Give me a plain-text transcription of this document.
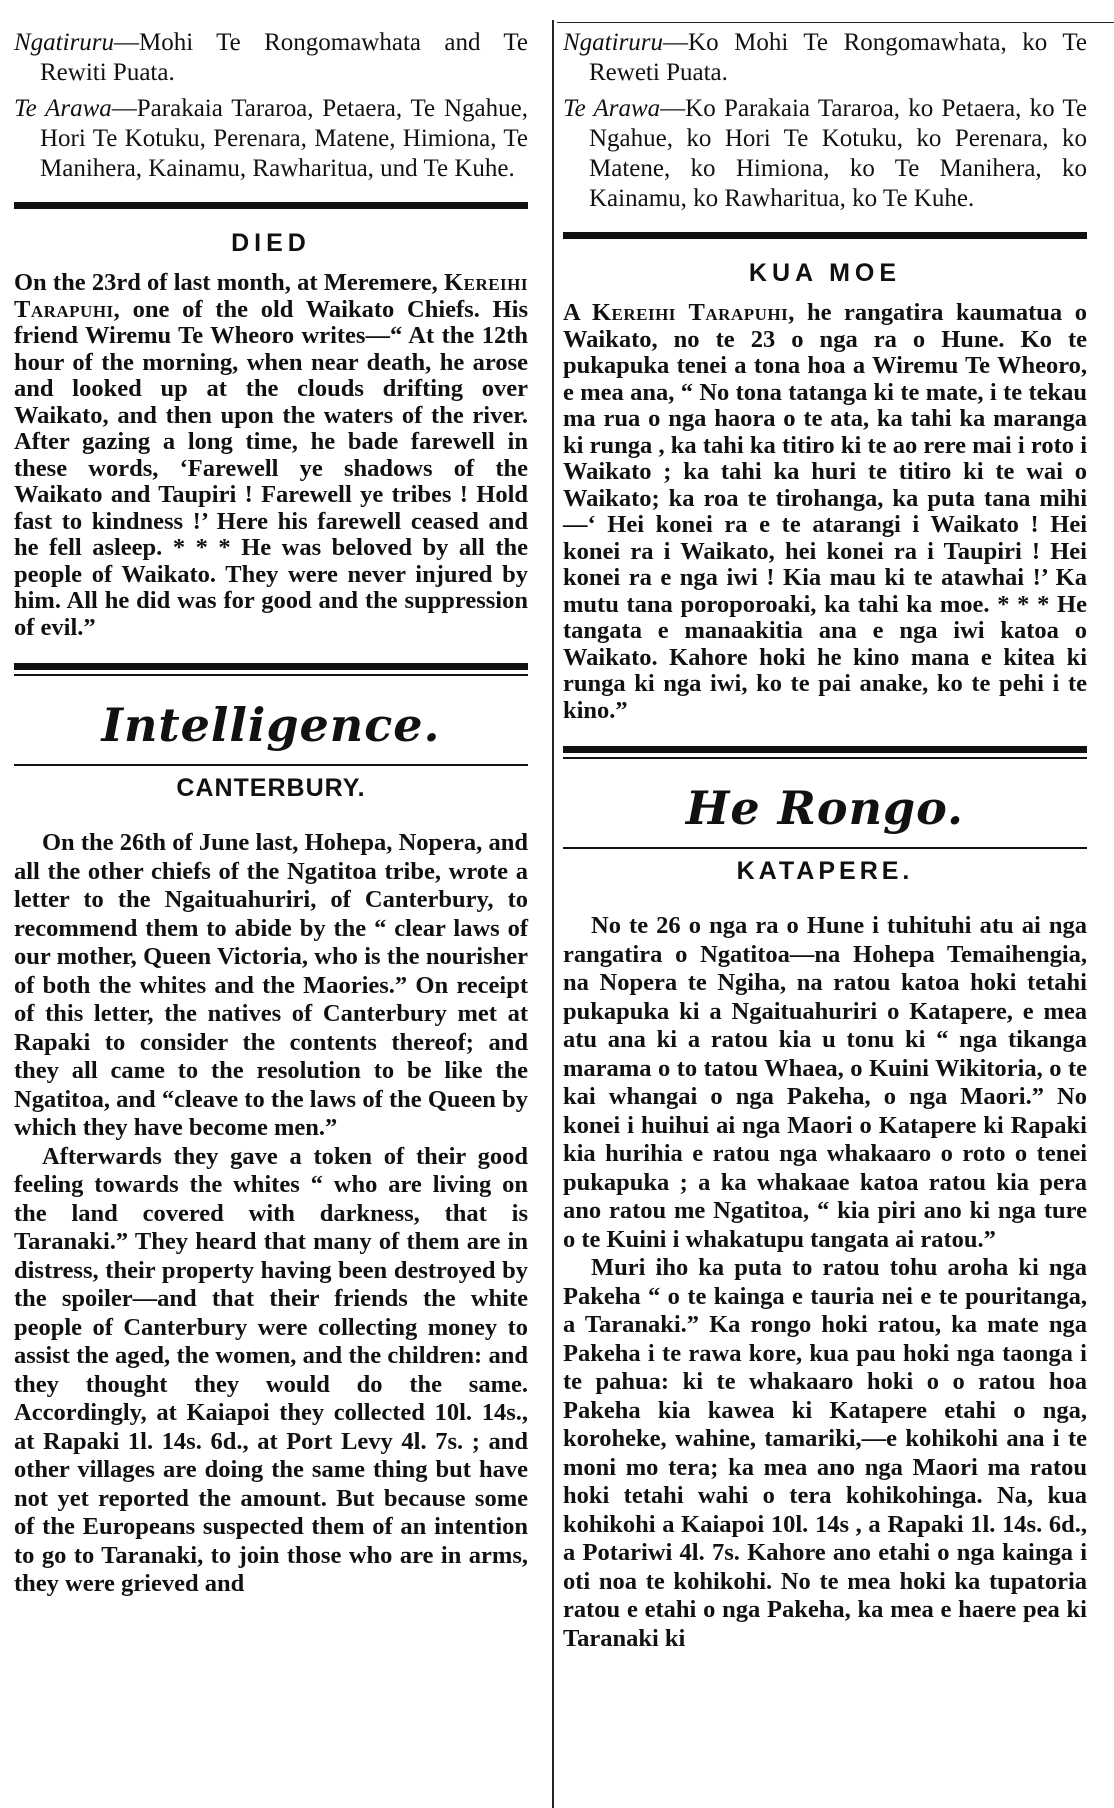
Ngatiruru—Mohi Te Rongomawhata and Te Rewiti Puata.

Te Arawa—Parakaia Tararoa, Petaera, Te Ngahue, Hori Te Kotuku, Perenara, Matene, Himiona, Te Manihera, Kainamu, Rawharitua, und Te Kuhe.

DIED

On the 23rd of last month, at Meremere, Kereihi Tarapuhi, one of the old Waikato Chiefs. His friend Wiremu Te Wheoro writes—“ At the 12th hour of the morning, when near death, he arose and looked up at the clouds drifting over Waikato, and then upon the waters of the river. After gazing a long time, he bade farewell in these words, ‘Farewell ye shadows of the Waikato and Taupiri ! Farewell ye tribes ! Hold fast to kindness !’ Here his farewell ceased and he fell asleep. * * * He was beloved by all the people of Waikato. They were never injured by him. All he did was for good and the suppression of evil.”

Intelligence.
CANTERBURY.

On the 26th of June last, Hohepa, Nopera, and all the other chiefs of the Ngatitoa tribe, wrote a letter to the Ngaituahuriri, of Canterbury, to recommend them to abide by the “ clear laws of our mother, Queen Victoria, who is the nourisher of both the whites and the Maories.” On receipt of this letter, the natives of Canterbury met at Rapaki to consider the contents thereof; and they all came to the resolution to be like the Ngatitoa, and “cleave to the laws of the Queen by which they have become men.”

Afterwards they gave a token of their good feeling towards the whites “ who are living on the land covered with darkness, that is Taranaki.” They heard that many of them are in distress, their property having been destroyed by the spoiler—and that their friends the white people of Canterbury were collecting money to assist the aged, the women, and the children: and they thought they would do the same. Accordingly, at Kaiapoi they collected 10l. 14s., at Rapaki 1l. 14s. 6d., at Port Levy 4l. 7s. ; and other villages are doing the same thing but have not yet reported the amount. But because some of the Europeans suspected them of an intention to go to Taranaki, to join those who are in arms, they were grieved and

Ngatiruru—Ko Mohi Te Rongomawhata, ko Te Reweti Puata.

Te Arawa—Ko Parakaia Tararoa, ko Petaera, ko Te Ngahue, ko Hori Te Kotuku, ko Perenara, ko Matene, ko Himiona, ko Te Manihera, ko Kainamu, ko Rawharitua, ko Te Kuhe.

KUA MOE

A Kereihi Tarapuhi, he rangatira kaumatua o Waikato, no te 23 o nga ra o Hune. Ko te pukapuka tenei a tona hoa a Wiremu Te Wheoro, e mea ana, “ No tona tatanga ki te mate, i te tekau ma rua o nga haora o te ata, ka tahi ka maranga ki runga , ka tahi ka titiro ki te ao rere mai i roto i Waikato ; ka tahi ka huri te titiro ki te wai o Waikato; ka roa te tirohanga, ka puta tana mihi—‘ Hei konei ra e te atarangi i Waikato ! Hei konei ra i Waikato, hei konei ra i Taupiri ! Hei konei ra e nga iwi ! Kia mau ki te atawhai !’ Ka mutu tana poroporoaki, ka tahi ka moe. * * * He tangata e manaakitia ana e nga iwi katoa o Waikato. Kahore hoki he kino mana e kitea ki runga ki nga iwi, ko te pai anake, ko te pehi i te kino.”

He Rongo.
KATAPERE.

No te 26 o nga ra o Hune i tuhituhi atu ai nga rangatira o Ngatitoa—na Hohepa Temaihengia, na Nopera te Ngiha, na ratou katoa hoki tetahi pukapuka ki a Ngaituahuriri o Katapere, e mea atu ana ki a ratou kia u tonu ki “ nga tikanga marama o to tatou Whaea, o Kuini Wikitoria, o te kai whangai o nga Pakeha, o nga Maori.” No konei i huihui ai nga Maori o Katapere ki Rapaki kia hurihia e ratou nga whakaaro o roto o tenei pukapuka ; a ka whakaae katoa ratou kia pera ano ratou me Ngatitoa, “ kia piri ano ki nga ture o te Kuini i whakatupu tangata ai ratou.”

Muri iho ka puta to ratou tohu aroha ki nga Pakeha “ o te kainga e tauria nei e te pouritanga, a Taranaki.” Ka rongo hoki ratou, ka mate nga Pakeha i te rawa kore, kua pau hoki nga taonga i te pahua: ki te whakaaro hoki o o ratou hoa Pakeha kia kawea ki Katapere etahi o nga, koroheke, wahine, tamariki,—e kohikohi ana i te moni mo tera; ka mea ano nga Maori ma ratou hoki tetahi wahi o tera kohikohinga. Na, kua kohikohi a Kaiapoi 10l. 14s , a Rapaki 1l. 14s. 6d., a Potariwi 4l. 7s. Kahore ano etahi o nga kainga i oti noa te kohikohi. No te mea hoki ka tupatoria ratou e etahi o nga Pakeha, ka mea e haere pea ki Taranaki ki
